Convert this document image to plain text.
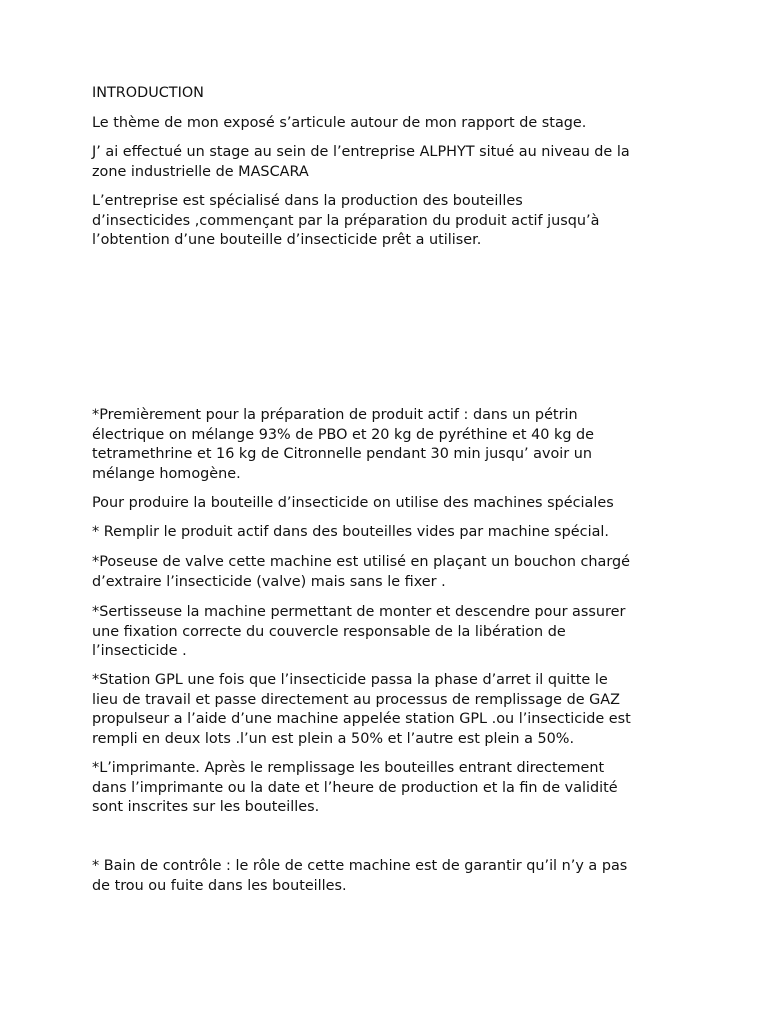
INTRODUCTION

Le thème de mon exposé s’articule autour de mon rapport de stage.

J’ ai effectué un stage au sein de l’entreprise ALPHYT situé au niveau de la
zone industrielle de MASCARA

L’entreprise est spécialisé dans la production des bouteilles
d’insecticides ,commençant par la préparation du produit actif jusqu’à
l’obtention d’une bouteille d’insecticide prêt a utiliser.

*Premièrement pour la préparation de produit actif : dans un pétrin
électrique on mélange 93% de PBO et 20 kg de pyréthine et 40 kg de
tetramethrine et 16 kg de Citronnelle pendant 30 min jusqu’ avoir un
mélange homogène.

Pour produire la bouteille d’insecticide on utilise des machines spéciales

* Remplir le produit actif dans des bouteilles vides par machine spécial.

*Poseuse de valve cette machine est utilisé en plaçant un bouchon chargé
d’extraire l’insecticide (valve) mais sans le fixer .

*Sertisseuse la machine permettant de monter et descendre pour assurer
une fixation correcte du couvercle responsable de la libération de
l’insecticide .

*Station GPL une fois que l’insecticide passa la phase d’arret il quitte le
lieu de travail et passe directement au processus de remplissage de GAZ
propulseur a l’aide d’une machine appelée station GPL .ou l’insecticide est
rempli en deux lots .l’un est plein a 50% et l’autre est plein a 50%.

*L’imprimante. Après le remplissage les bouteilles entrant directement
dans l’imprimante ou la date et l’heure de production et la fin de validité
sont inscrites sur les bouteilles.

* Bain de contrôle : le rôle de cette machine est de garantir qu’il n’y a pas
de trou ou fuite dans les bouteilles.
